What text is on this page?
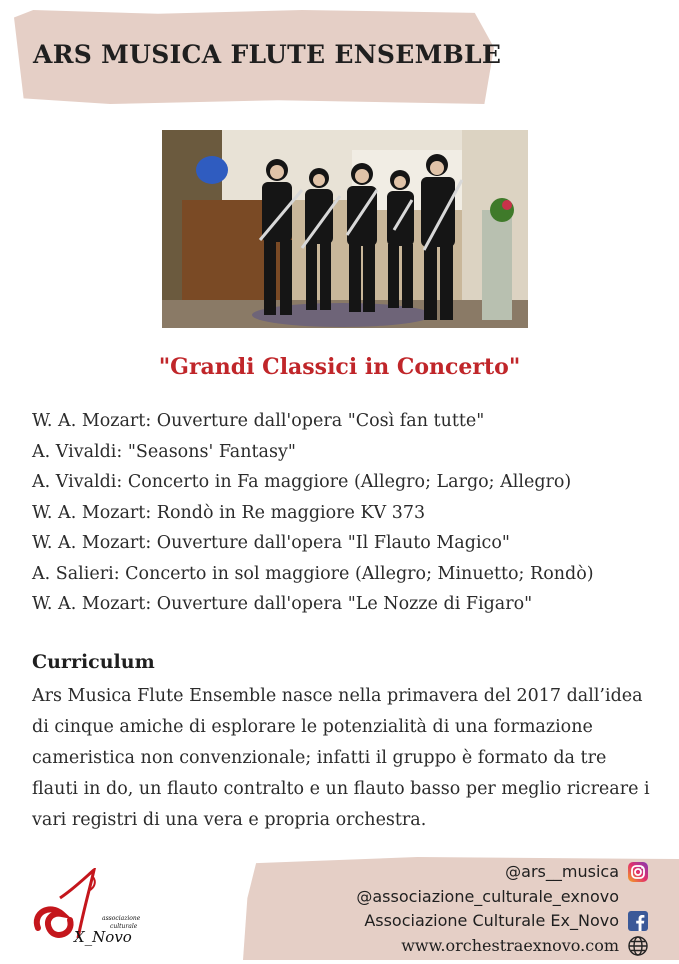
ARS MUSICA FLUTE ENSEMBLE
"Grandi Classici in Concerto"
W. A. Mozart: Ouverture dall'opera "Così fan tutte"
A. Vivaldi: "Seasons' Fantasy"
A. Vivaldi: Concerto in Fa maggiore (Allegro; Largo; Allegro)
W. A. Mozart: Rondò in Re maggiore KV 373
W. A. Mozart: Ouverture dall'opera "Il Flauto Magico"
A. Salieri: Concerto in sol maggiore (Allegro; Minuetto; Rondò)
W. A. Mozart: Ouverture dall'opera "Le Nozze di Figaro"
Curriculum
Ars Musica Flute Ensemble nasce nella primavera del 2017 dall’idea di cinque amiche di esplorare le potenzialità di una formazione cameristica non convenzionale; infatti il gruppo è formato da tre flauti in do, un flauto contralto e un flauto basso per meglio ricreare i vari registri di una vera e propria orchestra.
@ars__musica
@associazione_culturale_exnovo
Associazione Culturale Ex_Novo
www.orchestraexnovo.com
X_Novo
associazione
culturale
